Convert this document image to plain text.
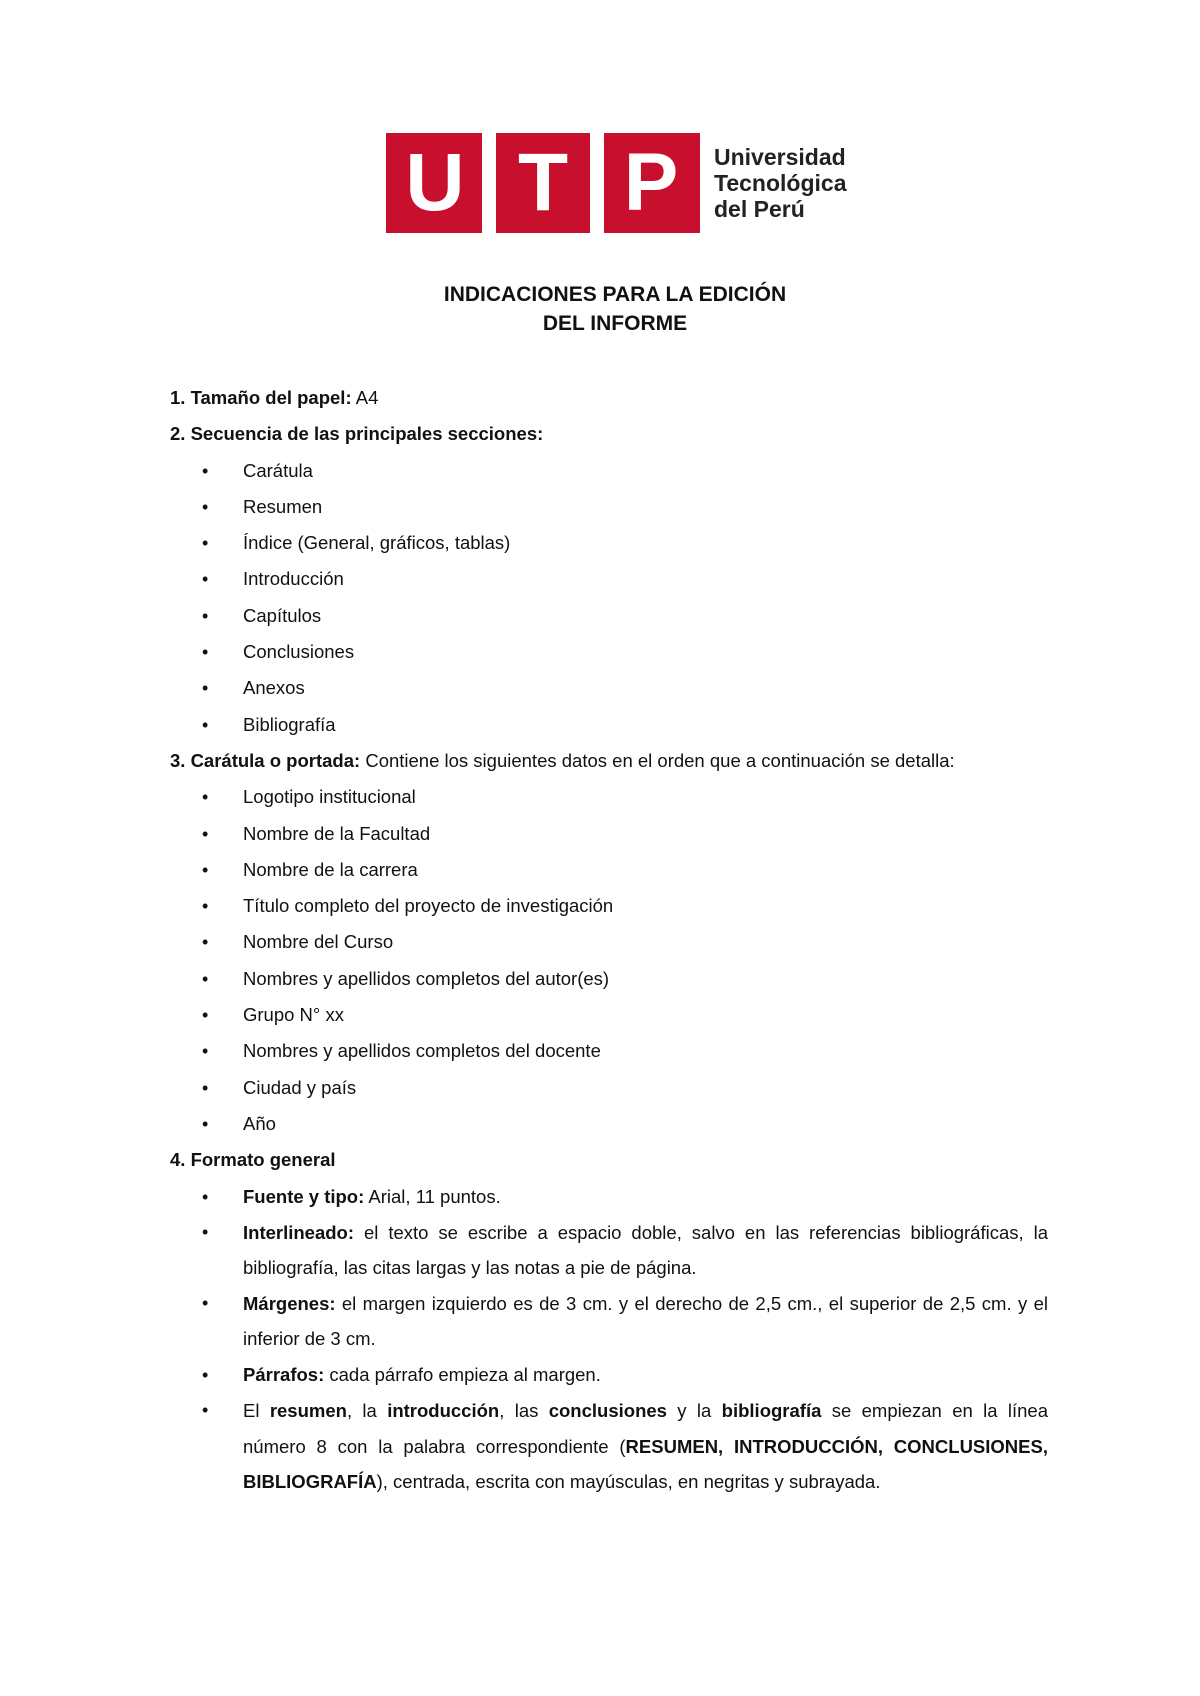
U T P Universidad
Tecnológica
del Perú
INDICACIONES PARA LA EDICIÓN
DEL INFORME
1. Tamaño del papel: A4
2. Secuencia de las principales secciones:
• Carátula
• Resumen
• Índice (General, gráficos, tablas)
• Introducción
• Capítulos
• Conclusiones
• Anexos
• Bibliografía
3. Carátula o portada: Contiene los siguientes datos en el orden que a continuación se detalla:
• Logotipo institucional
• Nombre de la Facultad
• Nombre de la carrera
• Título completo del proyecto de investigación
• Nombre del Curso
• Nombres y apellidos completos del autor(es)
• Grupo N° xx
• Nombres y apellidos completos del docente
• Ciudad y país
• Año
4. Formato general
• Fuente y tipo: Arial, 11 puntos.
• Interlineado: el texto se escribe a espacio doble, salvo en las referencias bibliográficas, la bibliografía, las citas largas y las notas a pie de página.
• Márgenes: el margen izquierdo es de 3 cm. y el derecho de 2,5 cm., el superior de 2,5 cm. y el inferior de 3 cm.
• Párrafos: cada párrafo empieza al margen.
• El resumen, la introducción, las conclusiones y la bibliografía se empiezan en la línea número 8 con la palabra correspondiente (RESUMEN, INTRODUCCIÓN, CONCLUSIONES, BIBLIOGRAFÍA), centrada, escrita con mayúsculas, en negritas y subrayada.
